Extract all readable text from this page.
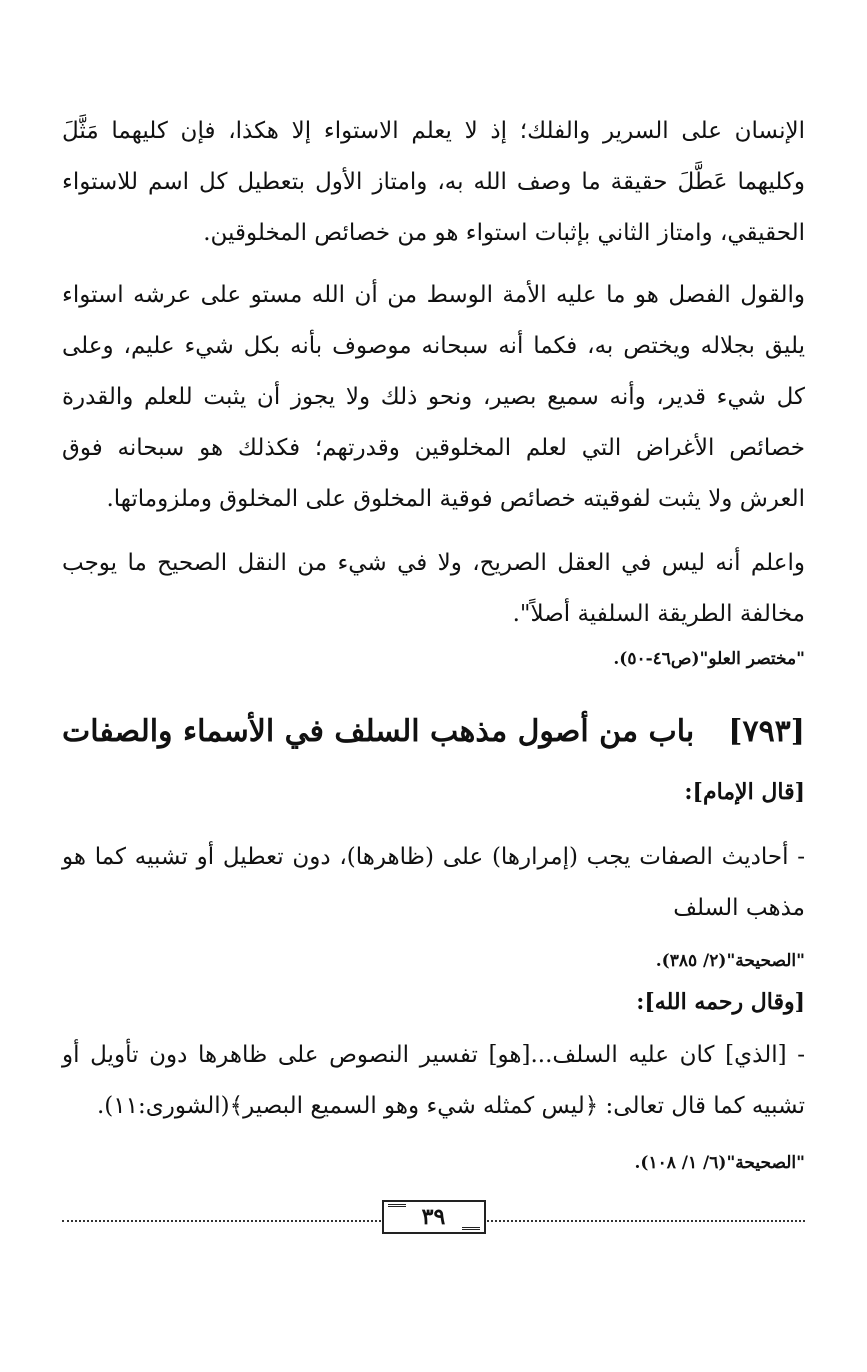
الإنسان على السرير والفلك؛ إذ لا يعلم الاستواء إلا هكذا، فإن كليهما مَثَّلَ وكليهما عَطَّلَ حقيقة ما وصف الله به، وامتاز الأول بتعطيل كل اسم للاستواء الحقيقي، وامتاز الثاني بإثبات استواء هو من خصائص المخلوقين.

والقول الفصل هو ما عليه الأمة الوسط من أن الله مستو على عرشه استواء يليق بجلاله ويختص به، فكما أنه سبحانه موصوف بأنه بكل شيء عليم، وعلى كل شيء قدير، وأنه سميع بصير، ونحو ذلك ولا يجوز أن يثبت للعلم والقدرة خصائص الأغراض التي لعلم المخلوقين وقدرتهم؛ فكذلك هو سبحانه فوق العرش ولا يثبت لفوقيته خصائص فوقية المخلوق على المخلوق وملزوماتها.

واعلم أنه ليس في العقل الصريح، ولا في شيء من النقل الصحيح ما يوجب مخالفة الطريقة السلفية أصلاً".

"مختصر العلو"(ص٤٦-٥٠).

[٧٩٣]
باب من أصول مذهب السلف في الأسماء والصفات

[قال الإمام]:

- أحاديث الصفات يجب (إمرارها) على (ظاهرها)، دون تعطيل أو تشبيه كما هو مذهب السلف

"الصحيحة"(٢/ ٣٨٥).

[وقال رحمه الله]:

٣٩

- [الذي] كان عليه السلف...[هو] تفسير النصوص على ظاهرها دون تأويل أو تشبيه كما قال تعالى: ﴿ليس كمثله شيء وهو السميع البصير﴾(الشورى:١١).

"الصحيحة"(٦/ ١/ ١٠٨).
